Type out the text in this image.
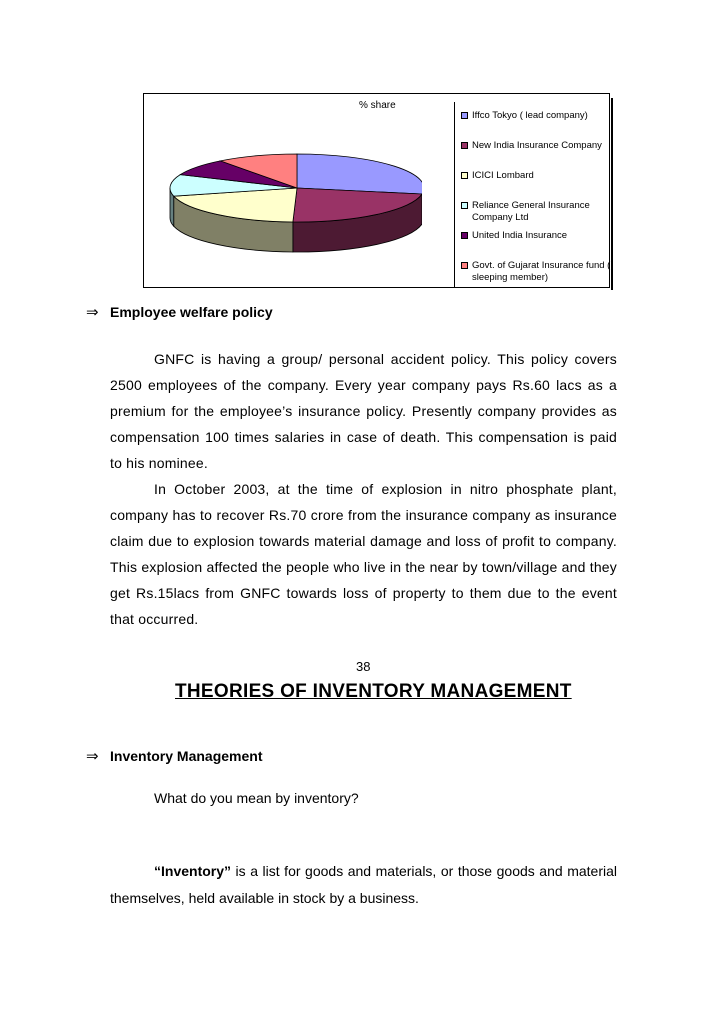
% share
Iffco Tokyo ( lead company)
New India Insurance Company
ICICI Lombard
Reliance General Insurance Company Ltd
United India Insurance
Govt. of Gujarat Insurance fund ( sleeping member)
⇒ Employee welfare policy
GNFC is having a group/ personal accident policy. This policy covers 2500 employees of the company. Every year company pays Rs.60 lacs as a premium for the employee’s insurance policy. Presently company provides as compensation 100 times salaries in case of death. This compensation is paid to his nominee.
In October 2003, at the time of explosion in nitro phosphate plant, company has to recover Rs.70 crore from the insurance company as insurance claim due to explosion towards material damage and loss of profit to company. This explosion affected the people who live in the near by town/village and they get Rs.15lacs from GNFC towards loss of property to them due to the event that occurred.
38
THEORIES OF INVENTORY MANAGEMENT
⇒ Inventory Management
What do you mean by inventory?
“Inventory” is a list for goods and materials, or those goods and material themselves, held available in stock by a business.
